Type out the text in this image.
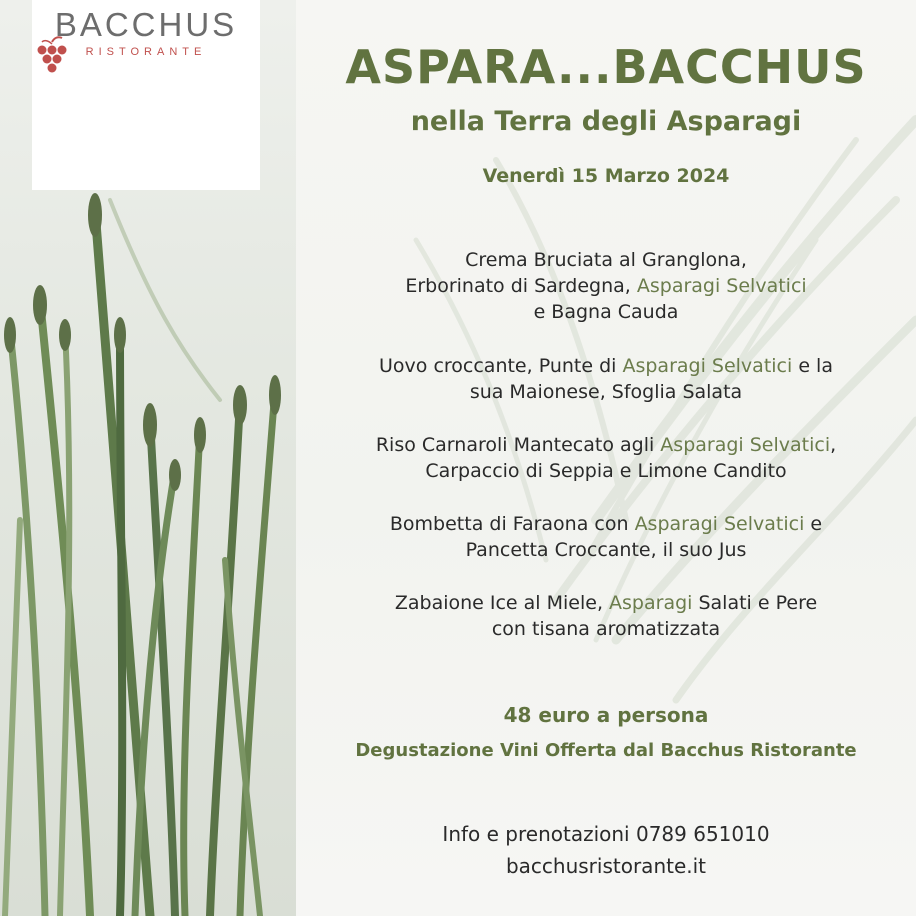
BACCHUS
RISTORANTE	ASPARA...BACCHUS
nella Terra degli Asparagi
Venerdì 15 Marzo 2024
Crema Bruciata al Granglona,
Erborinato di Sardegna, Asparagi Selvatici
e Bagna Cauda
Uovo croccante, Punte di Asparagi Selvatici e la
sua Maionese, Sfoglia Salata
Riso Carnaroli Mantecato agli Asparagi Selvatici,
Carpaccio di Seppia e Limone Candito
Bombetta di Faraona con Asparagi Selvatici e
Pancetta Croccante, il suo Jus
Zabaione Ice al Miele, Asparagi Salati e Pere
con tisana aromatizzata
48 euro a persona
Degustazione Vini Offerta dal Bacchus Ristorante
Info e prenotazioni 0789 651010
bacchusristorante.it
